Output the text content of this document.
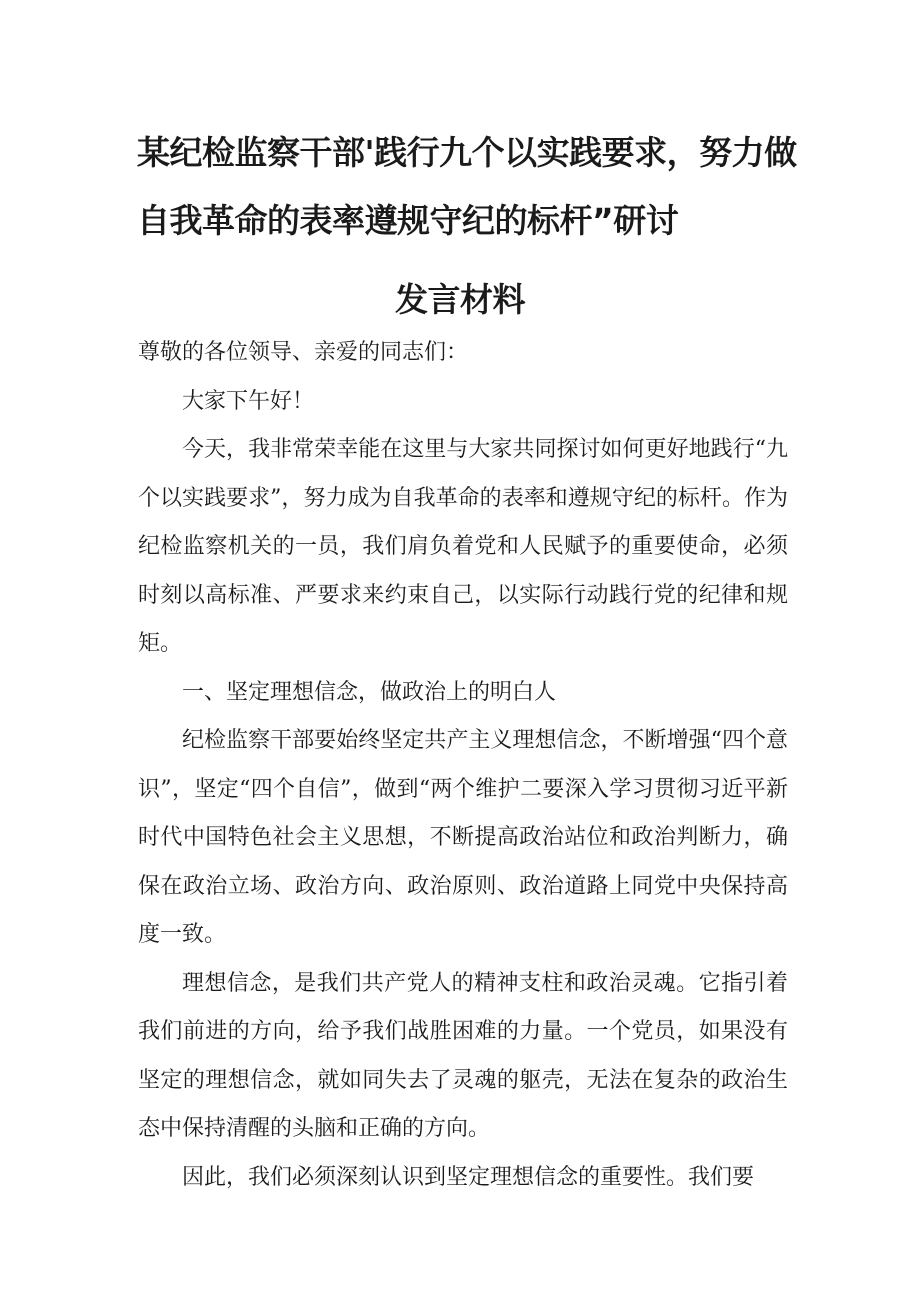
某纪检监察干部'践行九个以实践要求，努力做
自我革命的表率遵规守纪的标杆”研讨
发言材料

尊敬的各位领导、亲爱的同志们：

大家下午好！

今天，我非常荣幸能在这里与大家共同探讨如何更好地践行“九个以实践要求”，努力成为自我革命的表率和遵规守纪的标杆。作为纪检监察机关的一员，我们肩负着党和人民赋予的重要使命，必须时刻以高标准、严要求来约束自己，以实际行动践行党的纪律和规矩。

一、坚定理想信念，做政治上的明白人

纪检监察干部要始终坚定共产主义理想信念，不断增强“四个意识”，坚定“四个自信”，做到“两个维护二要深入学习贯彻习近平新时代中国特色社会主义思想，不断提高政治站位和政治判断力，确保在政治立场、政治方向、政治原则、政治道路上同党中央保持高度一致。

理想信念，是我们共产党人的精神支柱和政治灵魂。它指引着我们前进的方向，给予我们战胜困难的力量。一个党员，如果没有坚定的理想信念，就如同失去了灵魂的躯壳，无法在复杂的政治生态中保持清醒的头脑和正确的方向。

因此，我们必须深刻认识到坚定理想信念的重要性。我们要
